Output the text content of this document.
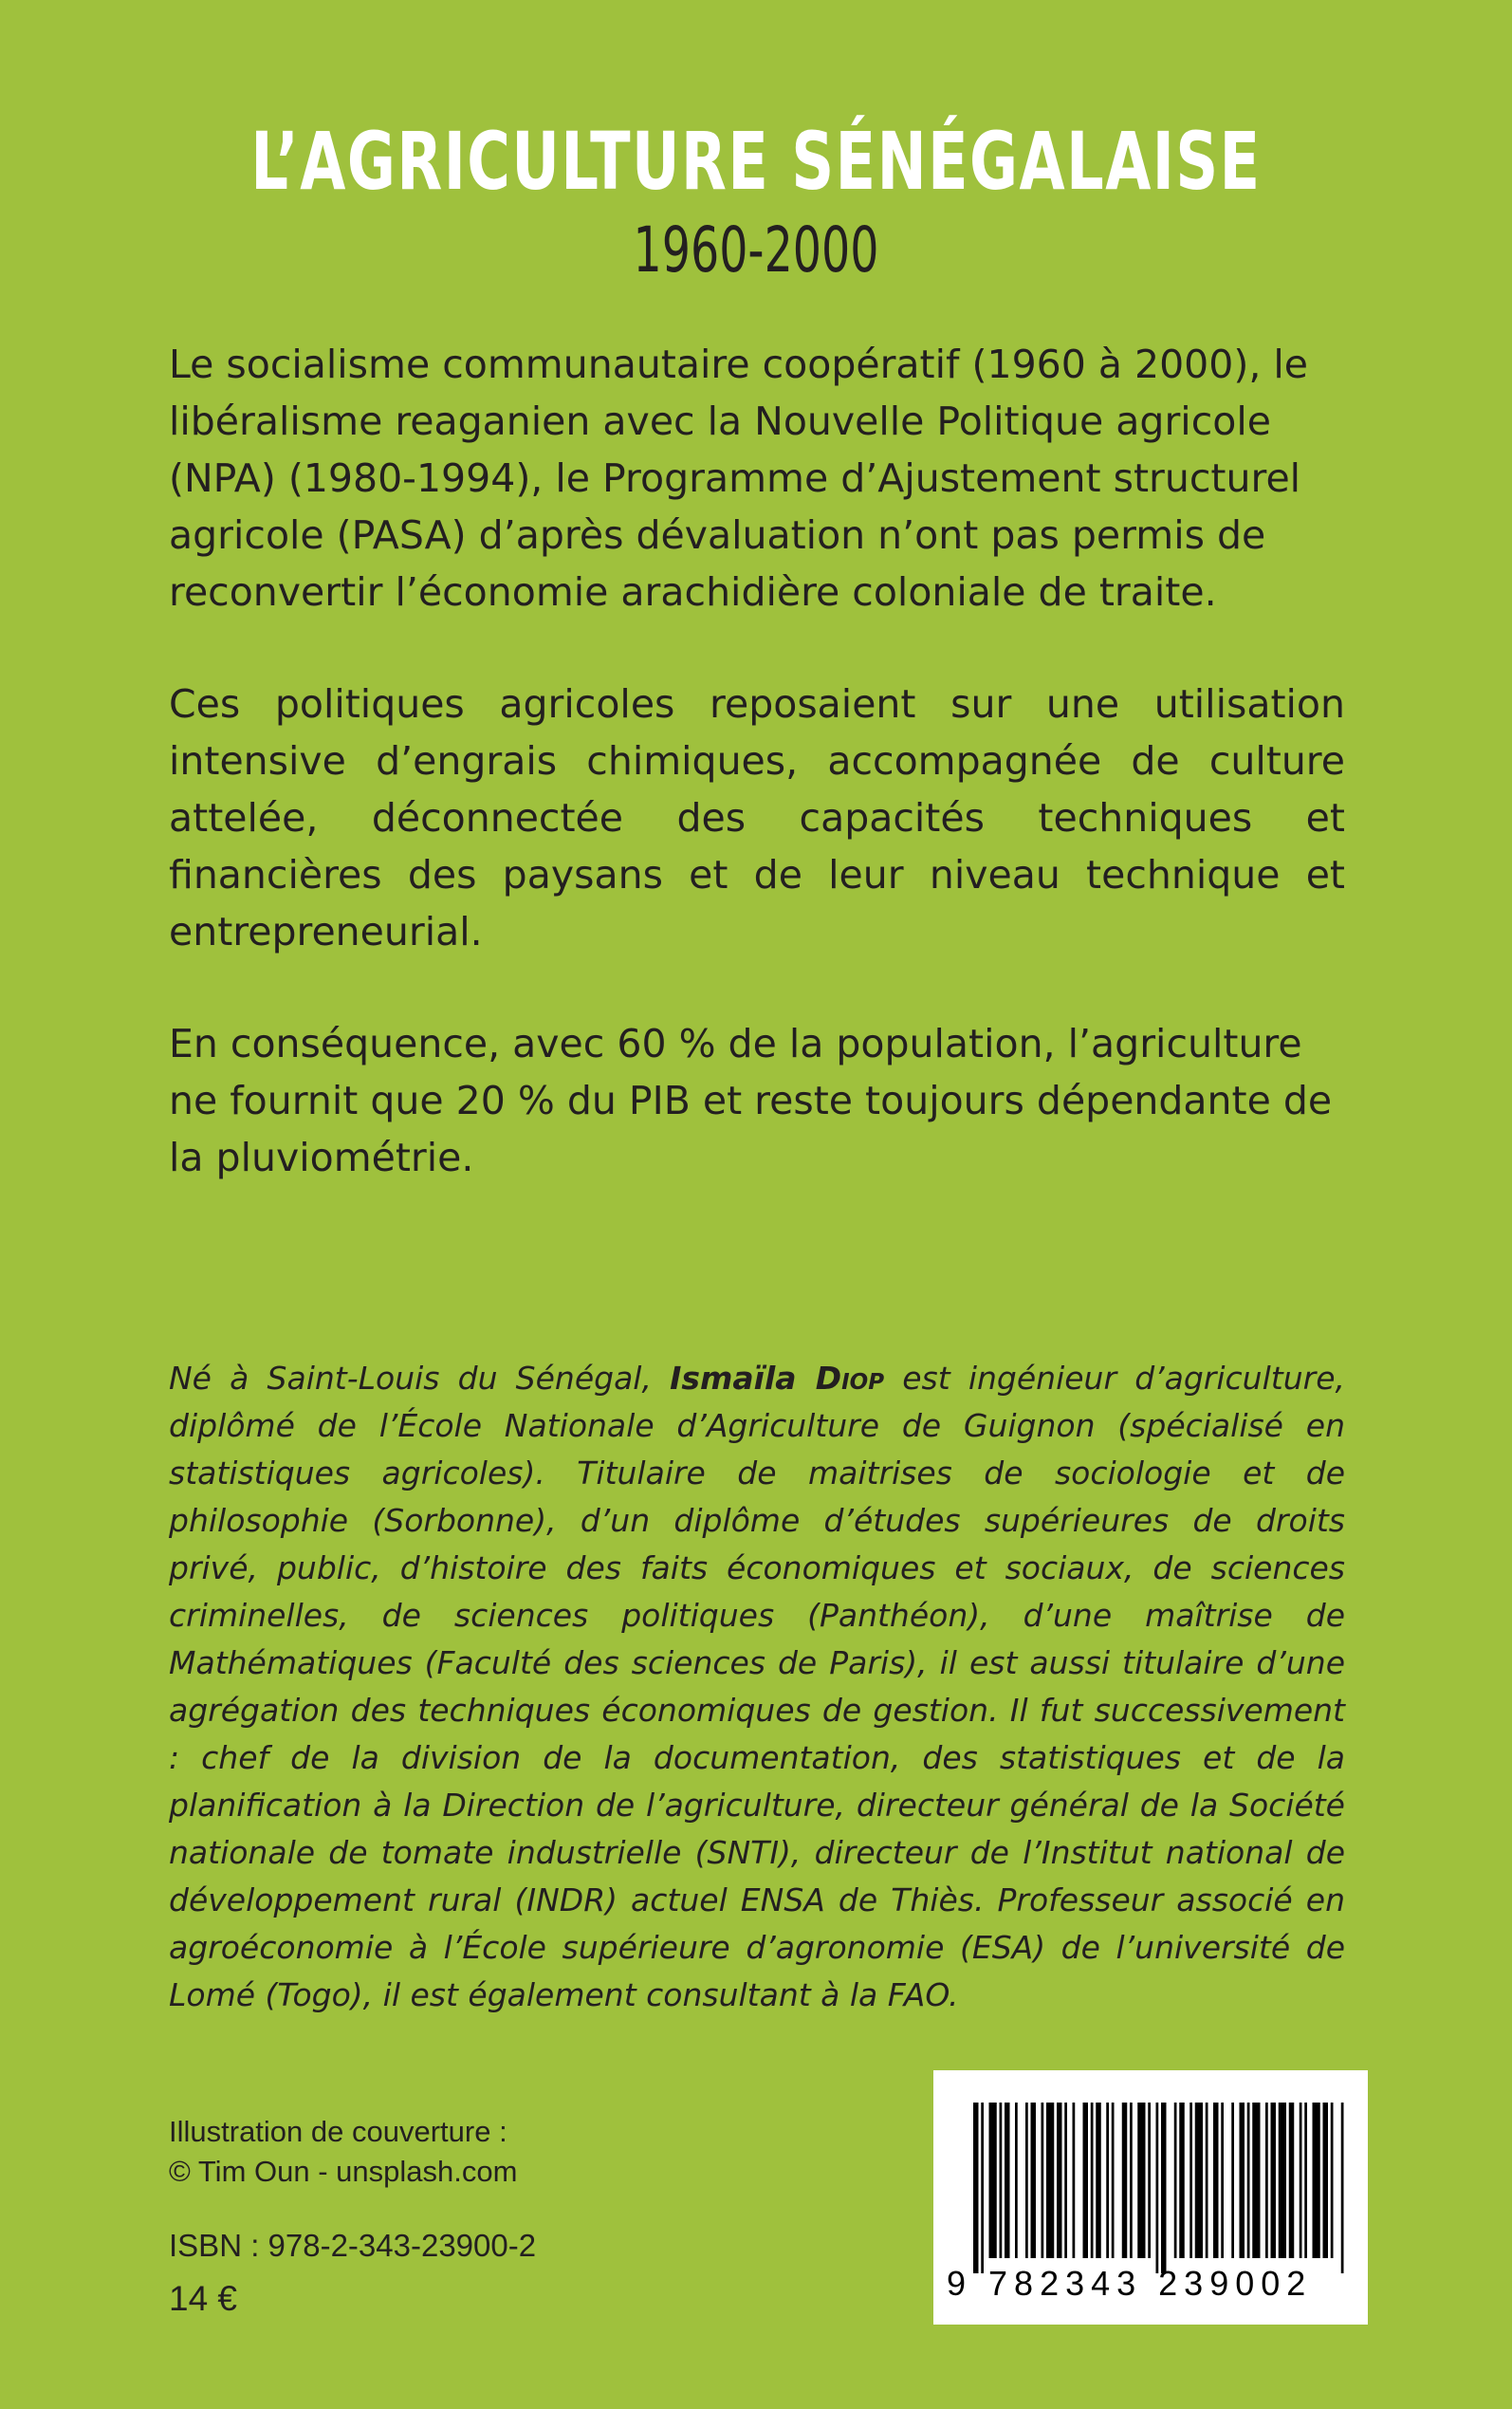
L’AGRICULTURE SÉNÉGALAISE
1960-2000

Le socialisme communautaire coopératif (1960 à 2000), le libéralisme reaganien avec la Nouvelle Politique agricole (NPA) (1980-1994), le Programme d’Ajustement structurel agricole (PASA) d’après dévaluation n’ont pas permis de reconvertir l’économie arachidière coloniale de traite.

Ces politiques agricoles reposaient sur une utilisation intensive d’engrais chimiques, accompagnée de culture attelée, déconnectée des capacités techniques et financières des paysans et de leur niveau technique et entrepreneurial.

En conséquence, avec 60 % de la population, l’agriculture ne fournit que 20 % du PIB et reste toujours dépendante de la pluviométrie.

Né à Saint-Louis du Sénégal, Ismaïla Diop est ingénieur d’agriculture, diplômé de l’École Nationale d’Agriculture de Guignon (spécialisé en statistiques agricoles). Titulaire de maitrises de sociologie et de philosophie (Sorbonne), d’un diplôme d’études supérieures de droits privé, public, d’histoire des faits économiques et sociaux, de sciences criminelles, de sciences politiques (Panthéon), d’une maîtrise de Mathématiques (Faculté des sciences de Paris), il est aussi titulaire d’une agrégation des techniques économiques de gestion. Il fut successivement : chef de la division de la documentation, des statistiques et de la planification à la Direction de l’agriculture, directeur général de la Société nationale de tomate industrielle (SNTI), directeur de l’Institut national de développement rural (INDR) actuel ENSA de Thiès. Professeur associé en agroéconomie à l’École supérieure d’agronomie (ESA) de l’université de Lomé (Togo), il est également consultant à la FAO.
Illustration de couverture :
© Tim Oun - unsplash.com
ISBN : 978-2-343-23900-2
14 €	9 782343 239002
